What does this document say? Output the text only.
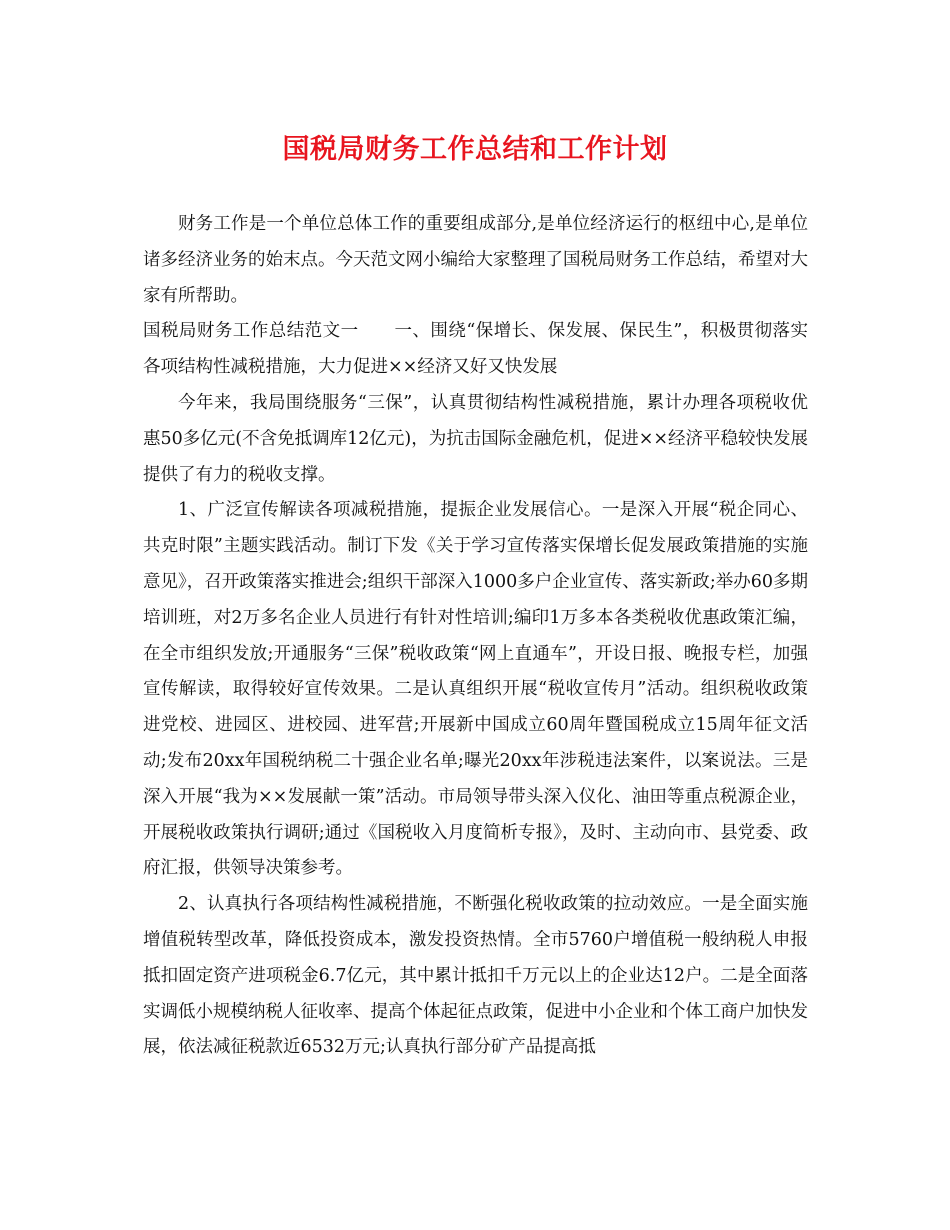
国税局财务工作总结和工作计划

财务工作是一个单位总体工作的重要组成部分,是单位经济运行的枢纽中心,是单位诸多经济业务的始末点。今天范文网小编给大家整理了国税局财务工作总结，希望对大家有所帮助。

国税局财务工作总结范文一　　一、围绕“保增长、保发展、保民生”，积极贯彻落实各项结构性减税措施，大力促进××经济又好又快发展

今年来，我局围绕服务“三保”，认真贯彻结构性减税措施，累计办理各项税收优惠50多亿元(不含免抵调库12亿元)，为抗击国际金融危机，促进××经济平稳较快发展提供了有力的税收支撑。

1、广泛宣传解读各项减税措施，提振企业发展信心。一是深入开展“税企同心、共克时限”主题实践活动。制订下发《关于学习宣传落实保增长促发展政策措施的实施意见》，召开政策落实推进会;组织干部深入1000多户企业宣传、落实新政;举办60多期培训班，对2万多名企业人员进行有针对性培训;编印1万多本各类税收优惠政策汇编，在全市组织发放;开通服务“三保”税收政策“网上直通车”，开设日报、晚报专栏，加强宣传解读，取得较好宣传效果。二是认真组织开展“税收宣传月”活动。组织税收政策进党校、进园区、进校园、进军营;开展新中国成立60周年暨国税成立15周年征文活动;发布20xx年国税纳税二十强企业名单;曝光20xx年涉税违法案件，以案说法。三是深入开展“我为××发展献一策”活动。市局领导带头深入仪化、油田等重点税源企业，开展税收政策执行调研;通过《国税收入月度简析专报》，及时、主动向市、县党委、政府汇报，供领导决策参考。

2、认真执行各项结构性减税措施，不断强化税收政策的拉动效应。一是全面实施增值税转型改革，降低投资成本，激发投资热情。全市5760户增值税一般纳税人申报抵扣固定资产进项税金6.7亿元，其中累计抵扣千万元以上的企业达12户。二是全面落实调低小规模纳税人征收率、提高个体起征点政策，促进中小企业和个体工商户加快发展，依法减征税款近6532万元;认真执行部分矿产品提高抵
